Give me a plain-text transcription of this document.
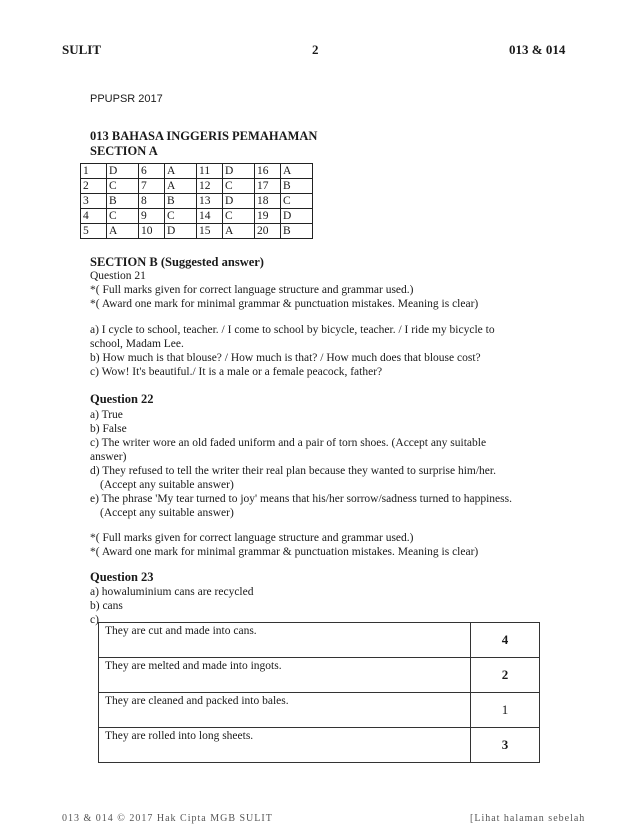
SULIT	2	013 & 014
PPUPSR 2017
013 BAHASA INGGERIS PEMAHAMAN
SECTION A
1	D	6	A	11	D	16	A
2	C	7	A	12	C	17	B
3	B	8	B	13	D	18	C
4	C	9	C	14	C	19	D
5	A	10	D	15	A	20	B
SECTION B (Suggested answer)
Question 21
*( Full marks given for correct language structure and grammar used.)
*( Award one mark for minimal grammar & punctuation mistakes. Meaning is clear)
a) I cycle to school, teacher. / I come to school by bicycle, teacher. / I ride my bicycle to
school, Madam Lee.
b) How much is that blouse? / How much is that? / How much does that blouse cost?
c) Wow! It's beautiful./ It is a male or a female peacock, father?
Question 22
a) True
b) False
c) The writer wore an old faded uniform and a pair of torn shoes. (Accept any suitable
answer)
d) They refused to tell the writer their real plan because they wanted to surprise him/her.
(Accept any suitable answer)
e) The phrase 'My tear turned to joy' means that his/her sorrow/sadness turned to happiness.
(Accept any suitable answer)
*( Full marks given for correct language structure and grammar used.)
*( Award one mark for minimal grammar & punctuation mistakes. Meaning is clear)
Question 23
a) howaluminium cans are recycled
b) cans
c)
They are cut and made into cans.	4
They are melted and made into ingots.	2
They are cleaned and packed into bales.	1
They are rolled into long sheets.	3
013 & 014 © 2017 Hak Cipta MGB SULIT	[Lihat halaman sebelah
